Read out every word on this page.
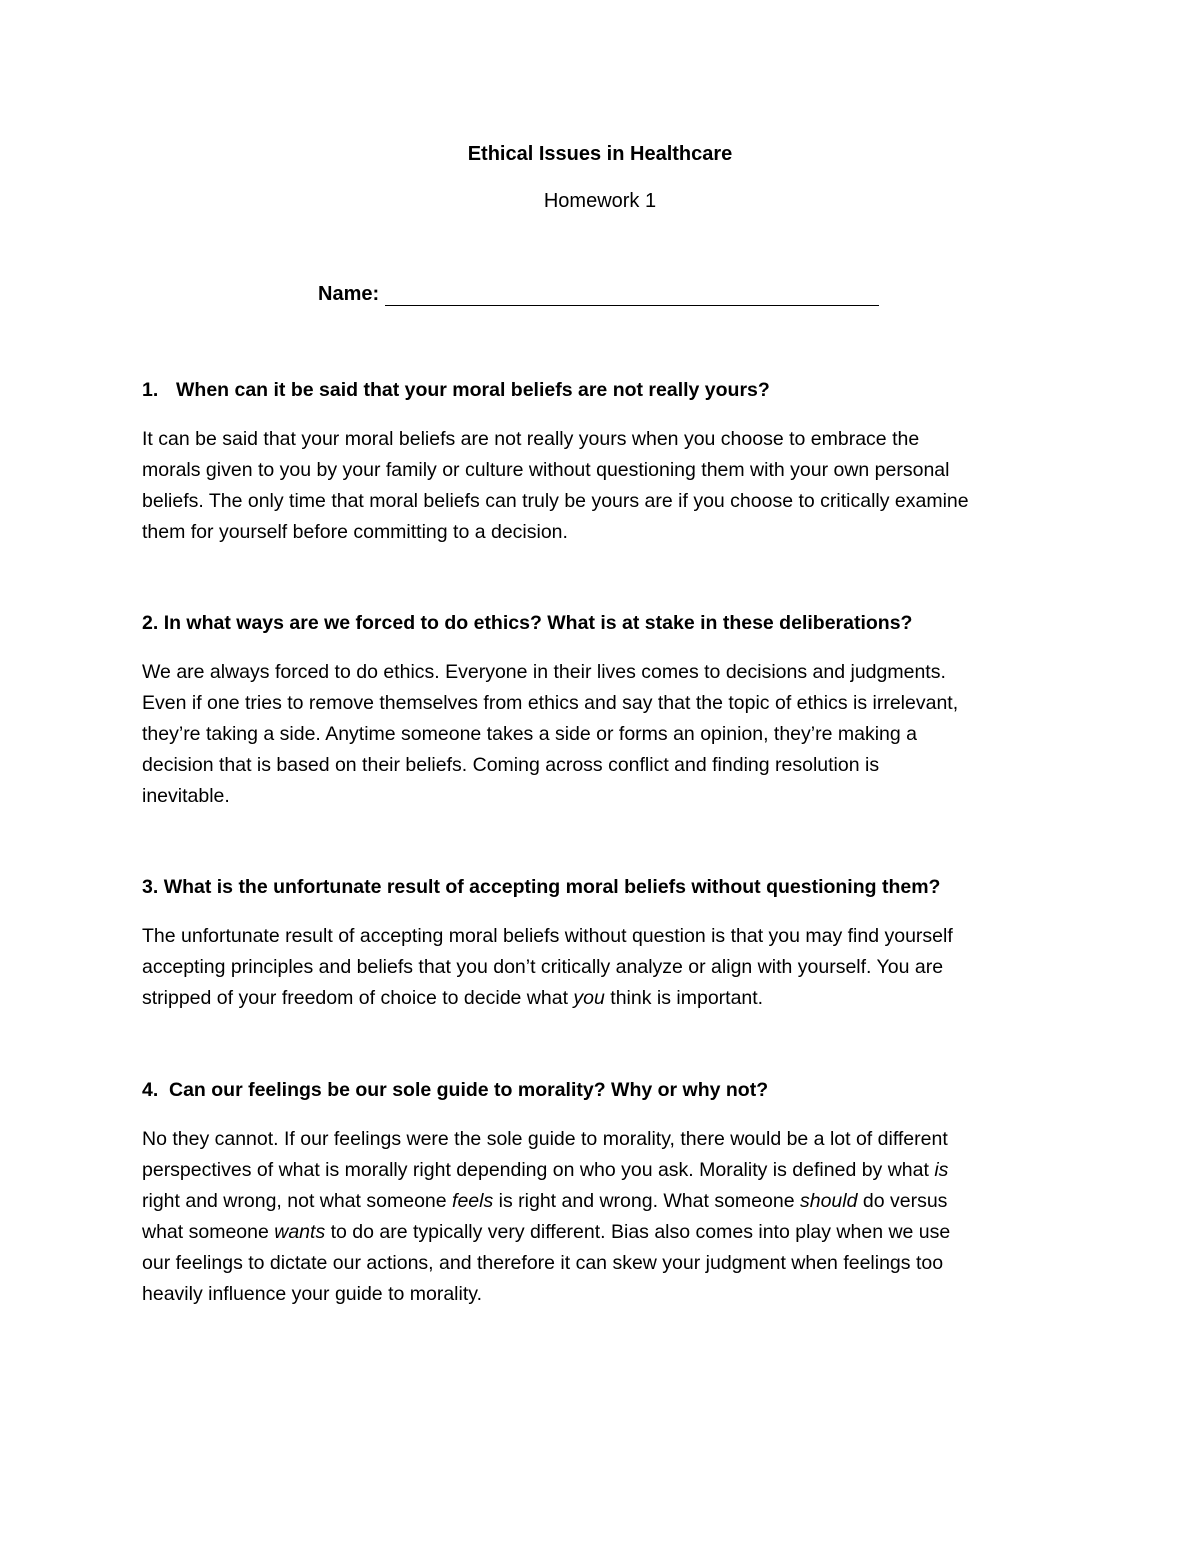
Ethical Issues in Healthcare
Homework 1
Name:
1. When can it be said that your moral beliefs are not really yours?
It can be said that your moral beliefs are not really yours when you choose to embrace the
morals given to you by your family or culture without questioning them with your own personal
beliefs. The only time that moral beliefs can truly be yours are if you choose to critically examine
them for yourself before committing to a decision.
2. In what ways are we forced to do ethics? What is at stake in these deliberations?
We are always forced to do ethics. Everyone in their lives comes to decisions and judgments.
Even if one tries to remove themselves from ethics and say that the topic of ethics is irrelevant,
they’re taking a side. Anytime someone takes a side or forms an opinion, they’re making a
decision that is based on their beliefs. Coming across conflict and finding resolution is
inevitable.
3. What is the unfortunate result of accepting moral beliefs without questioning them?
The unfortunate result of accepting moral beliefs without question is that you may find yourself
accepting principles and beliefs that you don’t critically analyze or align with yourself. You are
stripped of your freedom of choice to decide what you think is important.
4. Can our feelings be our sole guide to morality? Why or why not?
No they cannot. If our feelings were the sole guide to morality, there would be a lot of different
perspectives of what is morally right depending on who you ask. Morality is defined by what is
right and wrong, not what someone feels is right and wrong. What someone should do versus
what someone wants to do are typically very different. Bias also comes into play when we use
our feelings to dictate our actions, and therefore it can skew your judgment when feelings too
heavily influence your guide to morality.
